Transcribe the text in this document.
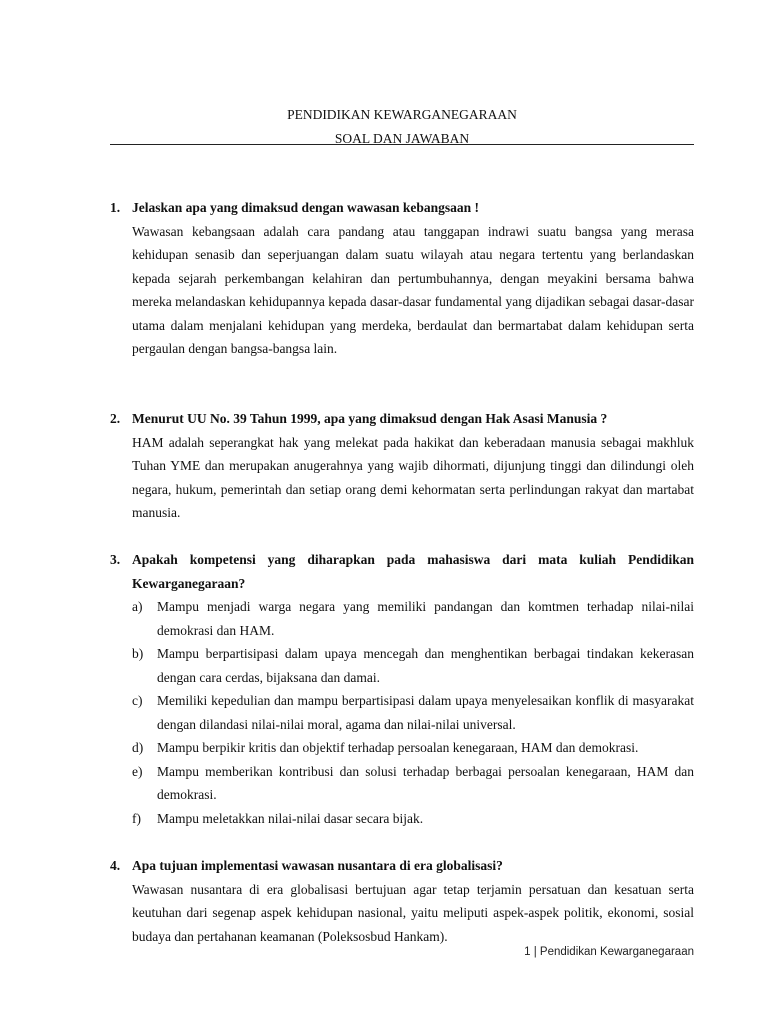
PENDIDIKAN KEWARGANEGARAAN
SOAL DAN JAWABAN
1. Jelaskan apa yang dimaksud dengan wawasan kebangsaan !
Wawasan kebangsaan adalah cara pandang atau tanggapan indrawi suatu bangsa yang merasa kehidupan senasib dan seperjuangan dalam suatu wilayah atau negara tertentu yang berlandaskan kepada sejarah perkembangan kelahiran dan pertumbuhannya, dengan meyakini bersama bahwa mereka melandaskan kehidupannya kepada dasar-dasar fundamental yang dijadikan sebagai dasar-dasar utama dalam menjalani kehidupan yang merdeka, berdaulat dan bermartabat dalam kehidupan serta pergaulan dengan bangsa-bangsa lain.
2. Menurut UU No. 39 Tahun 1999, apa yang dimaksud dengan Hak Asasi Manusia ?
HAM adalah seperangkat hak yang melekat pada hakikat dan keberadaan manusia sebagai makhluk Tuhan YME dan merupakan anugerahnya yang wajib dihormati, dijunjung tinggi dan dilindungi oleh negara, hukum, pemerintah dan setiap orang demi kehormatan serta perlindungan rakyat dan martabat manusia.
3. Apakah kompetensi yang diharapkan pada mahasiswa dari mata kuliah Pendidikan Kewarganegaraan?
a)	Mampu menjadi warga negara yang memiliki pandangan dan komtmen terhadap nilai-nilai demokrasi dan HAM.
b)	Mampu berpartisipasi dalam upaya mencegah dan menghentikan berbagai tindakan kekerasan dengan cara cerdas, bijaksana dan damai.
c)	Memiliki kepedulian dan mampu berpartisipasi dalam upaya menyelesaikan konflik di masyarakat dengan dilandasi nilai-nilai moral, agama dan nilai-nilai universal.
d)	Mampu berpikir kritis dan objektif terhadap persoalan kenegaraan, HAM dan demokrasi.
e)	Mampu memberikan kontribusi dan solusi terhadap berbagai persoalan kenegaraan, HAM dan demokrasi.
f)	Mampu meletakkan nilai-nilai dasar secara bijak.
4. Apa tujuan implementasi wawasan nusantara di era globalisasi?
Wawasan nusantara di era globalisasi bertujuan agar tetap terjamin persatuan dan kesatuan serta keutuhan dari segenap aspek kehidupan nasional, yaitu meliputi aspek-aspek politik, ekonomi, sosial budaya dan pertahanan keamanan (Poleksosbud Hankam).
1 | Pendidikan Kewarganegaraan
